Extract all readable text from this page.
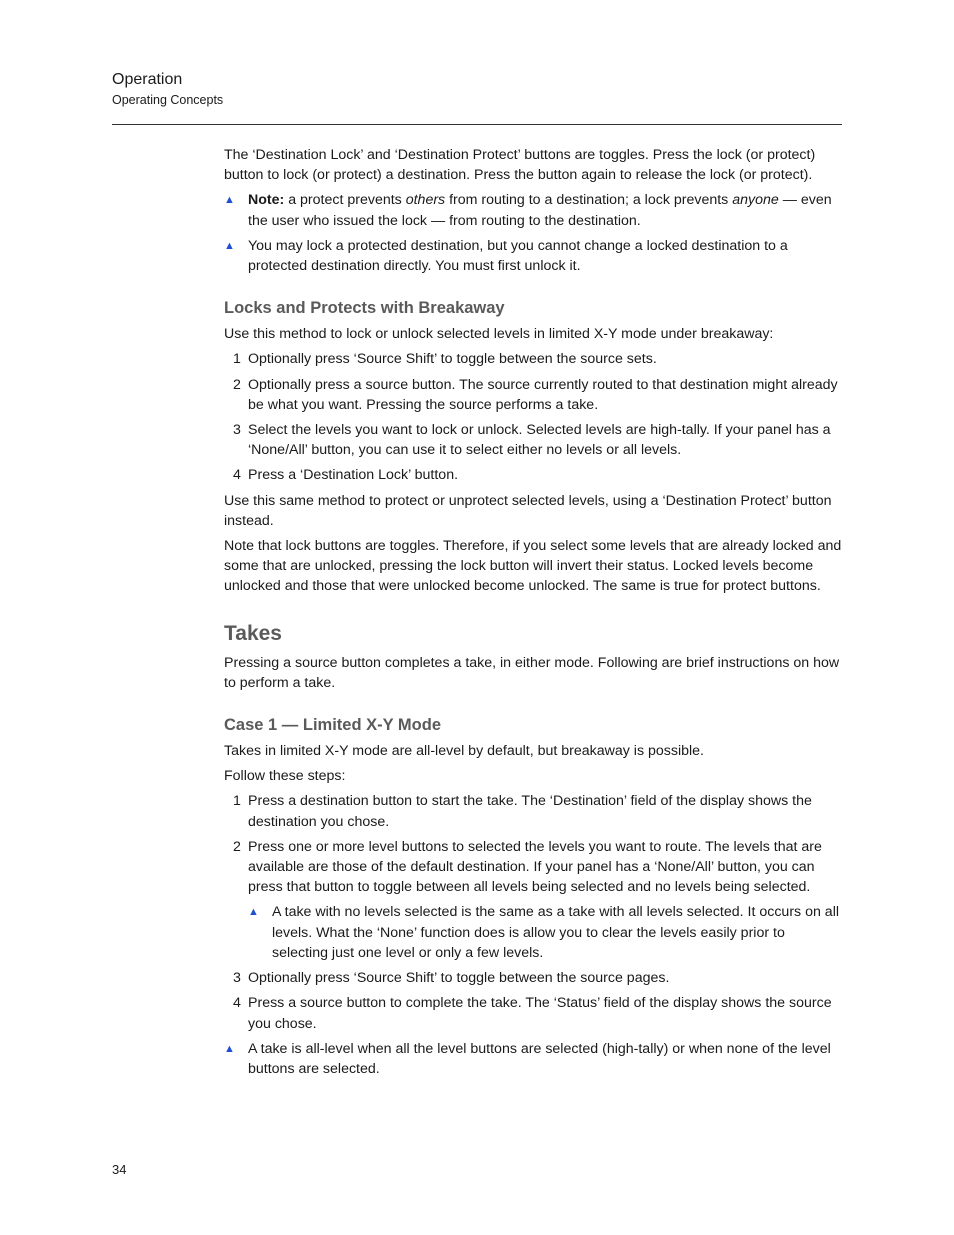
Operation
Operating Concepts

The ‘Destination Lock’ and ‘Destination Protect’ buttons are toggles. Press the lock (or protect) button to lock (or protect) a destination. Press the button again to release the lock (or protect).

▲ Note: a protect prevents others from routing to a destination; a lock prevents anyone — even the user who issued the lock — from routing to the destination.
▲ You may lock a protected destination, but you cannot change a locked destination to a protected destination directly. You must first unlock it.
Locks and Protects with Breakaway

Use this method to lock or unlock selected levels in limited X-Y mode under breakaway:

1 Optionally press ‘Source Shift’ to toggle between the source sets.
2 Optionally press a source button. The source currently routed to that destination might already be what you want. Pressing the source performs a take.
3 Select the levels you want to lock or unlock. Selected levels are high-tally. If your panel has a ‘None/All’ button, you can use it to select either no levels or all levels.
4 Press a ‘Destination Lock’ button.

Use this same method to protect or unprotect selected levels, using a ‘Destination Protect’ button instead.

Note that lock buttons are toggles. Therefore, if you select some levels that are already locked and some that are unlocked, pressing the lock button will invert their status. Locked levels become unlocked and those that were unlocked become unlocked. The same is true for protect buttons.

Takes

Pressing a source button completes a take, in either mode. Following are brief instructions on how to perform a take.

Case 1 — Limited X-Y Mode

Takes in limited X-Y mode are all-level by default, but breakaway is possible.

Follow these steps:

1 Press a destination button to start the take. The ‘Destination’ field of the display shows the destination you chose.
2 Press one or more level buttons to selected the levels you want to route. The levels that are available are those of the default destination. If your panel has a ‘None/All’ button, you can press that button to toggle between all levels being selected and no levels being selected.
▲ A take with no levels selected is the same as a take with all levels selected. It occurs on all levels. What the ‘None’ function does is allow you to clear the levels easily prior to selecting just one level or only a few levels.
3 Optionally press ‘Source Shift’ to toggle between the source pages.
4 Press a source button to complete the take. The ‘Status’ field of the display shows the source you chose.
▲ A take is all-level when all the level buttons are selected (high-tally) or when none of the level buttons are selected.
34
